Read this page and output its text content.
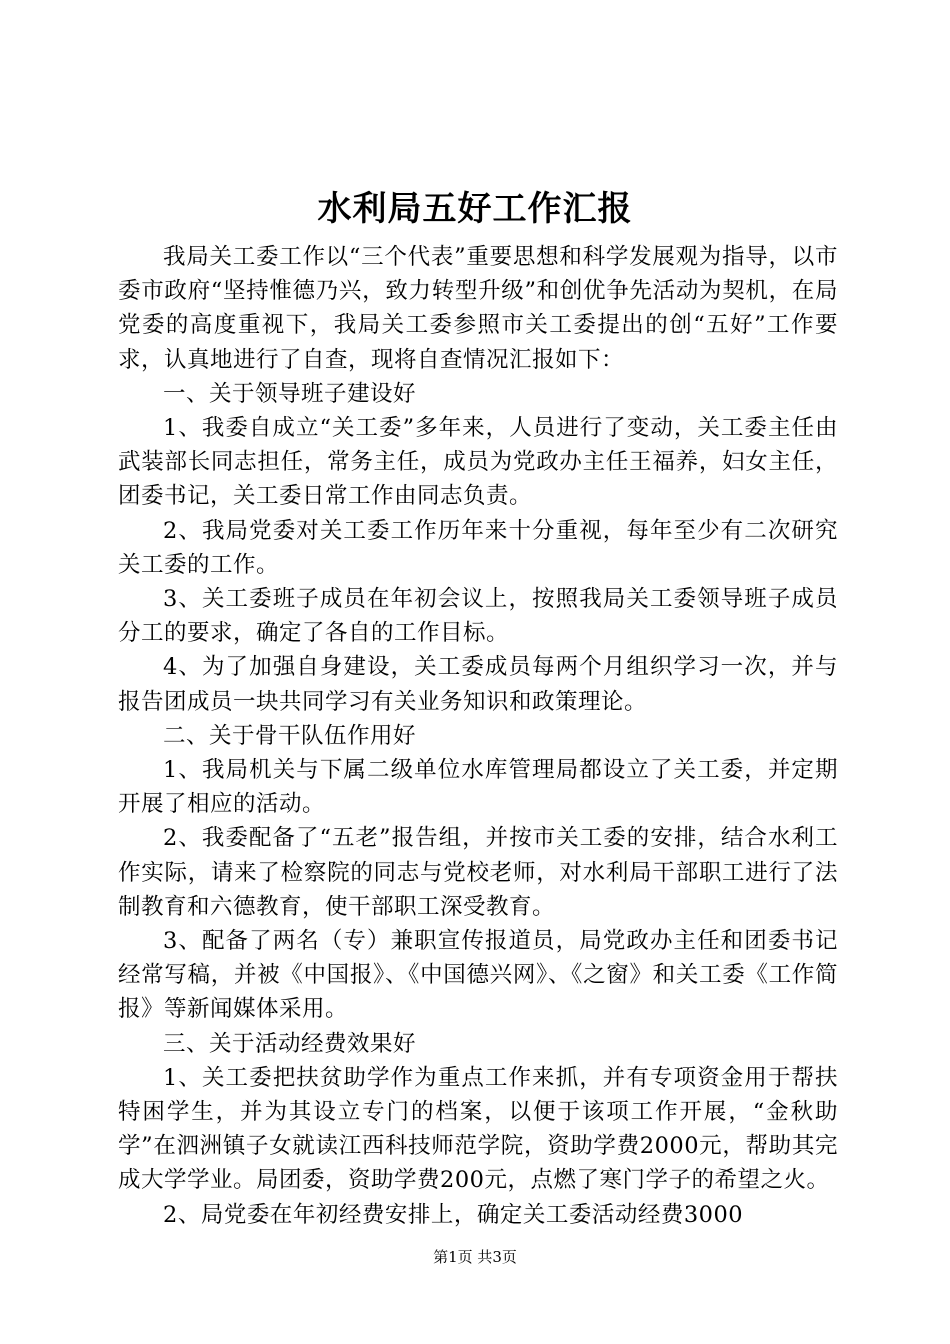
水利局五好工作汇报

我局关工委工作以“三个代表”重要思想和科学发展观为指导，以市委市政府“坚持惟德乃兴，致力转型升级”和创优争先活动为契机，在局党委的高度重视下，我局关工委参照市关工委提出的创“五好”工作要求，认真地进行了自查，现将自查情况汇报如下：

一、关于领导班子建设好

1、我委自成立“关工委”多年来，人员进行了变动，关工委主任由武装部长同志担任，常务主任，成员为党政办主任王福养，妇女主任，团委书记，关工委日常工作由同志负责。

2、我局党委对关工委工作历年来十分重视，每年至少有二次研究关工委的工作。

3、关工委班子成员在年初会议上，按照我局关工委领导班子成员分工的要求，确定了各自的工作目标。

4、为了加强自身建设，关工委成员每两个月组织学习一次，并与报告团成员一块共同学习有关业务知识和政策理论。

二、关于骨干队伍作用好

1、我局机关与下属二级单位水库管理局都设立了关工委，并定期开展了相应的活动。

2、我委配备了“五老”报告组，并按市关工委的安排，结合水利工作实际，请来了检察院的同志与党校老师，对水利局干部职工进行了法制教育和六德教育，使干部职工深受教育。

3、配备了两名（专）兼职宣传报道员，局党政办主任和团委书记经常写稿，并被《中国报》、《中国德兴网》、《之窗》和关工委《工作简报》等新闻媒体采用。

三、关于活动经费效果好

1、关工委把扶贫助学作为重点工作来抓，并有专项资金用于帮扶特困学生，并为其设立专门的档案，以便于该项工作开展，“金秋助学”在泗洲镇子女就读江西科技师范学院，资助学费2000元，帮助其完成大学学业。局团委，资助学费200元，点燃了寒门学子的希望之火。

2、局党委在年初经费安排上，确定关工委活动经费3000

第1页 共3页
